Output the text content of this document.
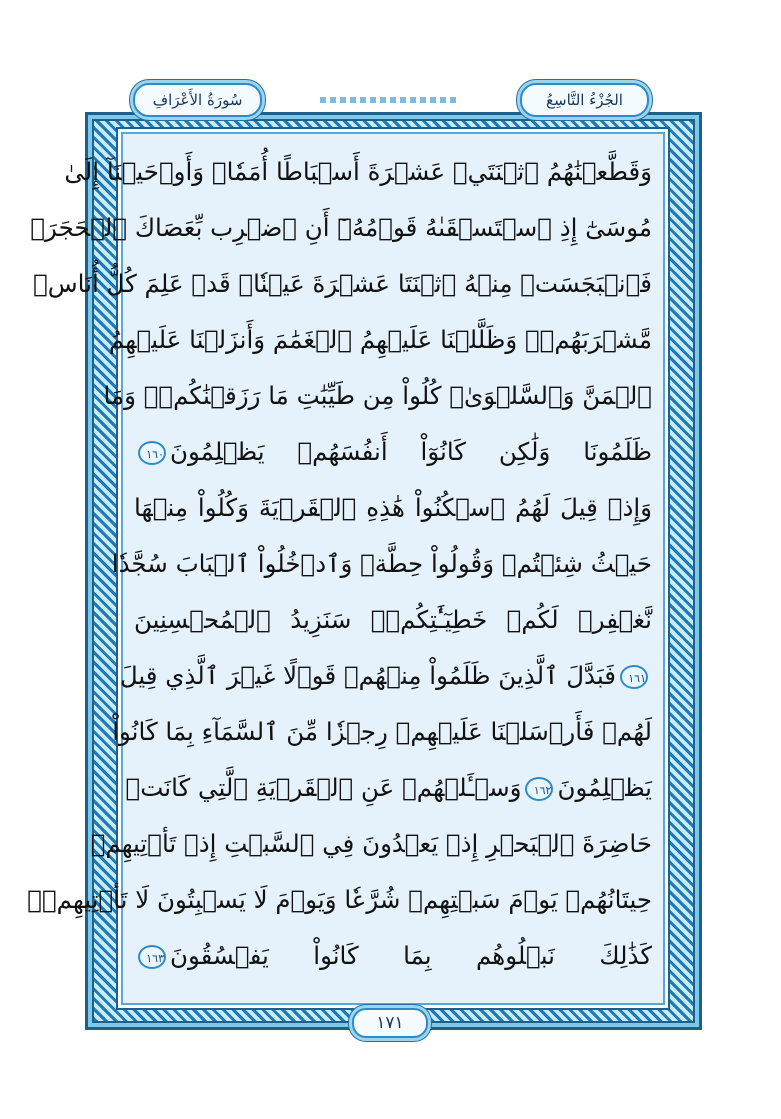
سُورَةُ الأَعْرَافِ	الجُزْءُ التَّاسِعُ
وَقَطَّعۡنَٰهُمُ ٱثۡنَتَيۡ عَشۡرَةَ أَسۡبَاطًا أُمَمٗاۚ وَأَوۡحَيۡنَآ إِلَىٰ
مُوسَىٰٓ إِذِ ٱسۡتَسۡقَىٰهُ قَوۡمُهُۥٓ أَنِ ٱضۡرِب بِّعَصَاكَ ٱلۡحَجَرَۖ
فَٱنۢبَجَسَتۡ مِنۡهُ ٱثۡنَتَا عَشۡرَةَ عَيۡنٗاۖ قَدۡ عَلِمَ كُلُّ أُنَاسٖ
مَّشۡرَبَهُمۡۚ وَظَلَّلۡنَا عَلَيۡهِمُ ٱلۡغَمَٰمَ وَأَنزَلۡنَا عَلَيۡهِمُ
ٱلۡمَنَّ وَٱلسَّلۡوَىٰۖ كُلُواْ مِن طَيِّبَٰتِ مَا رَزَقۡنَٰكُمۡۚ وَمَا
ظَلَمُونَا وَلَٰكِن كَانُوٓاْ أَنفُسَهُمۡ يَظۡلِمُونَ١٦٠
وَإِذۡ قِيلَ لَهُمُ ٱسۡكُنُواْ هَٰذِهِ ٱلۡقَرۡيَةَ وَكُلُواْ مِنۡهَا
حَيۡثُ شِئۡتُمۡ وَقُولُواْ حِطَّةٞ وَٱدۡخُلُواْ ٱلۡبَابَ سُجَّدٗا
نَّغۡفِرۡ لَكُمۡ خَطِيٓـَٰٔتِكُمۡۚ سَنَزِيدُ ٱلۡمُحۡسِنِينَ
١٦١فَبَدَّلَ ٱلَّذِينَ ظَلَمُواْ مِنۡهُمۡ قَوۡلًا غَيۡرَ ٱلَّذِي قِيلَ
لَهُمۡ فَأَرۡسَلۡنَا عَلَيۡهِمۡ رِجۡزٗا مِّنَ ٱلسَّمَآءِ بِمَا كَانُواْ
يَظۡلِمُونَ١٦٢وَسۡـَٔلۡهُمۡ عَنِ ٱلۡقَرۡيَةِ ٱلَّتِي كَانَتۡ
حَاضِرَةَ ٱلۡبَحۡرِ إِذۡ يَعۡدُونَ فِي ٱلسَّبۡتِ إِذۡ تَأۡتِيهِمۡ
حِيتَانُهُمۡ يَوۡمَ سَبۡتِهِمۡ شُرَّعٗا وَيَوۡمَ لَا يَسۡبِتُونَ لَا تَأۡتِيهِمۡۚ
كَذَٰلِكَ نَبۡلُوهُم بِمَا كَانُواْ يَفۡسُقُونَ١٦٣
١٧١
